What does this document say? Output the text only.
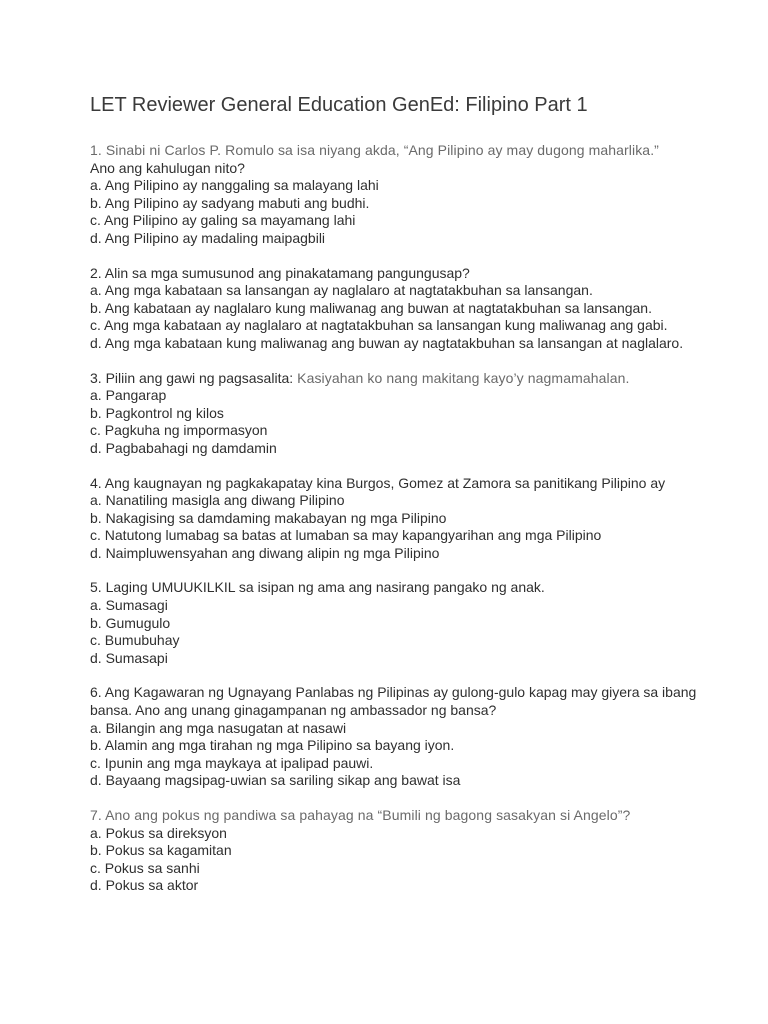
LET Reviewer General Education GenEd: Filipino Part 1
1. Sinabi ni Carlos P. Romulo sa isa niyang akda, “Ang Pilipino ay may dugong maharlika.”
Ano ang kahulugan nito?
a. Ang Pilipino ay nanggaling sa malayang lahi
b. Ang Pilipino ay sadyang mabuti ang budhi.
c. Ang Pilipino ay galing sa mayamang lahi
d. Ang Pilipino ay madaling maipagbili
2. Alin sa mga sumusunod ang pinakatamang pangungusap?
a. Ang mga kabataan sa lansangan ay naglalaro at nagtatakbuhan sa lansangan.
b. Ang kabataan ay naglalaro kung maliwanag ang buwan at nagtatakbuhan sa lansangan.
c. Ang mga kabataan ay naglalaro at nagtatakbuhan sa lansangan kung maliwanag ang gabi.
d. Ang mga kabataan kung maliwanag ang buwan ay nagtatakbuhan sa lansangan at naglalaro.
3. Piliin ang gawi ng pagsasalita: Kasiyahan ko nang makitang kayo’y nagmamahalan.
a. Pangarap
b. Pagkontrol ng kilos
c. Pagkuha ng impormasyon
d. Pagbabahagi ng damdamin
4. Ang kaugnayan ng pagkakapatay kina Burgos, Gomez at Zamora sa panitikang Pilipino ay
a. Nanatiling masigla ang diwang Pilipino
b. Nakagising sa damdaming makabayan ng mga Pilipino
c. Natutong lumabag sa batas at lumaban sa may kapangyarihan ang mga Pilipino
d. Naimpluwensyahan ang diwang alipin ng mga Pilipino
5. Laging UMUUKILKIL sa isipan ng ama ang nasirang pangako ng anak.
a. Sumasagi
b. Gumugulo
c. Bumubuhay
d. Sumasapi
6. Ang Kagawaran ng Ugnayang Panlabas ng Pilipinas ay gulong-gulo kapag may giyera sa ibang bansa. Ano ang unang ginagampanan ng ambassador ng bansa?
a. Bilangin ang mga nasugatan at nasawi
b. Alamin ang mga tirahan ng mga Pilipino sa bayang iyon.
c. Ipunin ang mga maykaya at ipalipad pauwi.
d. Bayaang magsipag-uwian sa sariling sikap ang bawat isa
7. Ano ang pokus ng pandiwa sa pahayag na “Bumili ng bagong sasakyan si Angelo”?
a. Pokus sa direksyon
b. Pokus sa kagamitan
c. Pokus sa sanhi
d. Pokus sa aktor
